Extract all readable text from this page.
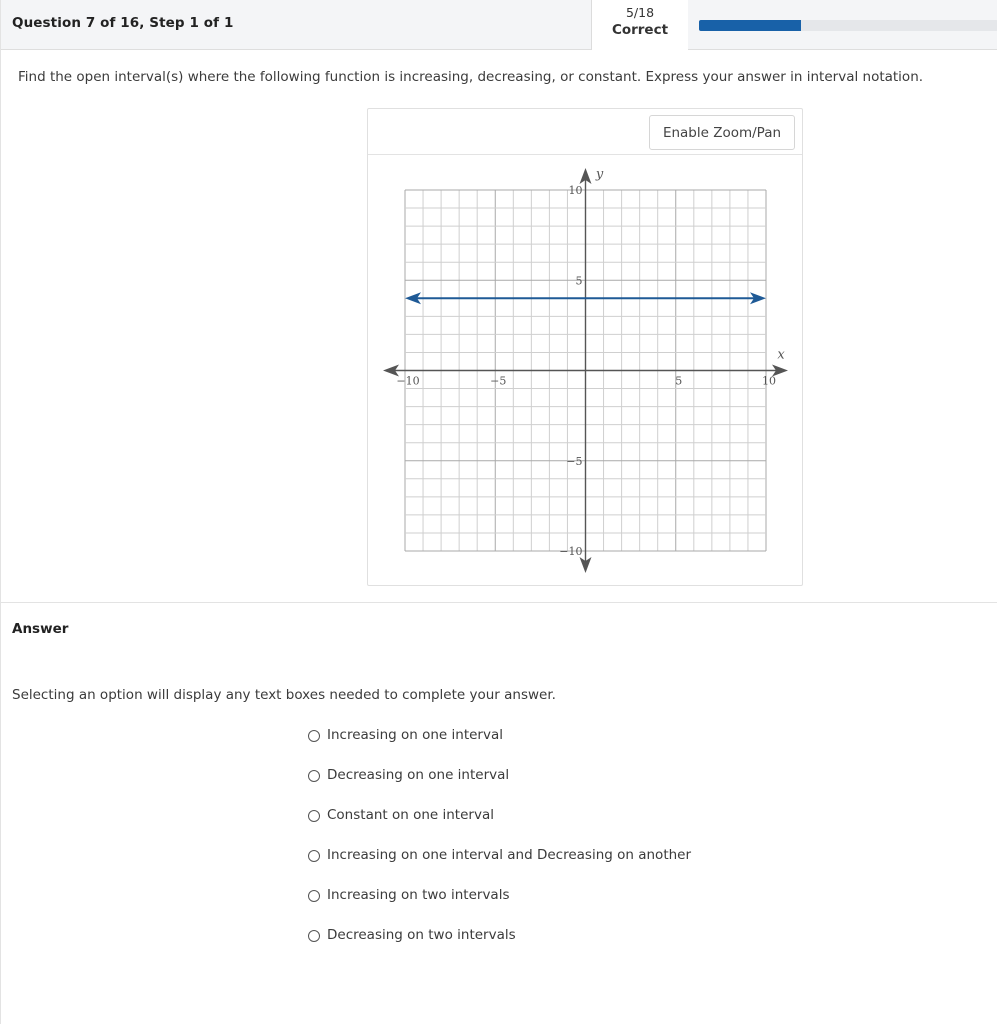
Question 7 of 16, Step 1 of 1
5/18
Correct
Find the open interval(s) where the following function is increasing, decreasing, or constant. Express your answer in interval notation.
Enable Zoom/Pan
−10	−5	5	10
10
5
−5
−10
x
y
Answer
Selecting an option will display any text boxes needed to complete your answer.
Increasing on one interval
Decreasing on one interval
Constant on one interval
Increasing on one interval and Decreasing on another
Increasing on two intervals
Decreasing on two intervals
